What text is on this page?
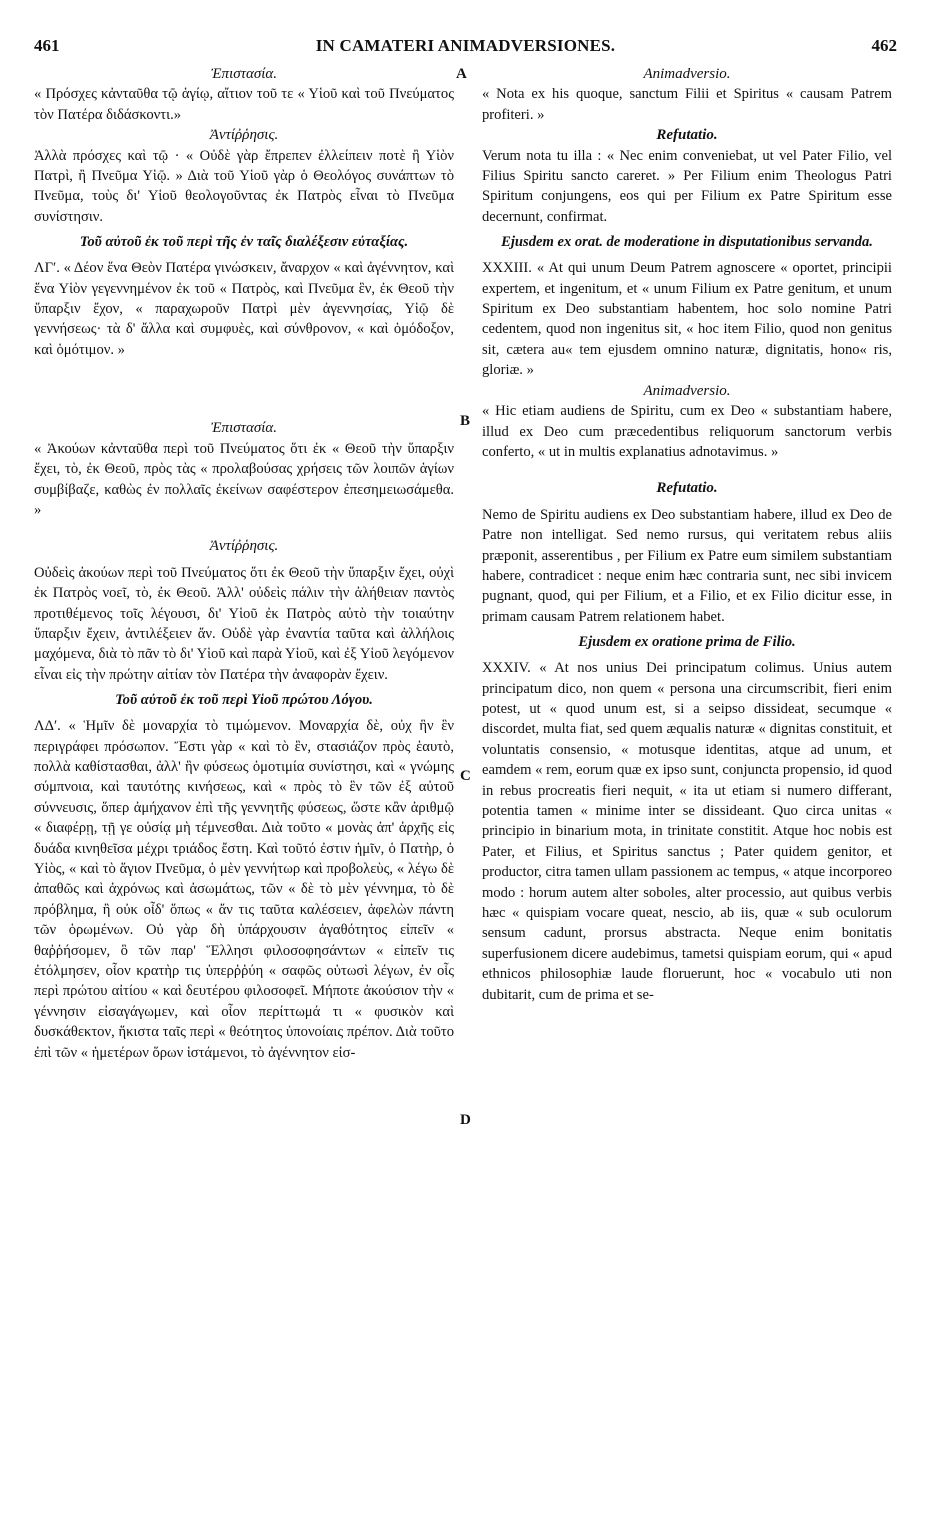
461	IN CAMATERI ANIMADVERSIONES.	462
A
B
C
D

Ἐπιστασία.

« Πρόσχες κἀνταῦθα τῷ ἁγίῳ, αἴτιον τοῦ τε « Υἱοῦ καὶ τοῦ Πνεύματος τὸν Πατέρα διδάσκοντι.»

Ἀντίῤῥησις.

Ἀλλὰ πρόσχες καὶ τῷ · « Οὐδὲ γὰρ ἔπρεπεν ἐλλείπειν ποτὲ ἢ Υἱὸν Πατρὶ, ἢ Πνεῦμα Υἱῷ. » Διὰ τοῦ Υἱοῦ γὰρ ὁ Θεολόγος συνάπτων τὸ Πνεῦμα, τοὺς δι' Υἱοῦ θεολογοῦντας ἐκ Πατρὸς εἶναι τὸ Πνεῦμα συνίστησιν.

Τοῦ αὐτοῦ ἐκ τοῦ περὶ τῆς ἐν ταῖς διαλέξεσιν εὐταξίας.

ΛΓʹ. « Δέον ἕνα Θεὸν Πατέρα γινώσκειν, ἄναρχον « καὶ ἀγέννητον, καὶ ἕνα Υἱὸν γεγεννημένον ἐκ τοῦ « Πατρὸς, καὶ Πνεῦμα ἓν, ἐκ Θεοῦ τὴν ὕπαρξιν ἔχον, « παραχωροῦν Πατρὶ μὲν ἀγεννησίας, Υἱῷ δὲ γεννήσεως· τὰ δ' ἄλλα καὶ συμφυὲς, καὶ σύνθρονον, « καὶ ὁμόδοξον, καὶ ὁμότιμον. »

Ἐπιστασία.

« Ἀκούων κἀνταῦθα περὶ τοῦ Πνεύματος ὅτι ἐκ « Θεοῦ τὴν ὕπαρξιν ἔχει, τὸ, ἐκ Θεοῦ, πρὸς τὰς « προλαβούσας χρήσεις τῶν λοιπῶν ἁγίων συμβίβαζε, καθὼς ἐν πολλαῖς ἐκείνων σαφέστερον ἐπεσημειωσάμεθα. »

Ἀντίῤῥησις.

Οὐδεὶς ἀκούων περὶ τοῦ Πνεύματος ὅτι ἐκ Θεοῦ τὴν ὕπαρξιν ἔχει, οὐχὶ ἐκ Πατρὸς νοεῖ, τὸ, ἐκ Θεοῦ. Ἀλλ' οὐδεὶς πάλιν τὴν ἀλήθειαν παντὸς προτιθέμενος τοῖς λέγουσι, δι' Υἱοῦ ἐκ Πατρὸς αὐτὸ τὴν τοιαύτην ὕπαρξιν ἔχειν, ἀντιλέξειεν ἄν. Οὐδὲ γὰρ ἐναντία ταῦτα καὶ ἀλλήλοις μαχόμενα, διὰ τὸ πᾶν τὸ δι' Υἱοῦ καὶ παρὰ Υἱοῦ, καὶ ἐξ Υἱοῦ λεγόμενον εἶναι εἰς τὴν πρώτην αἰτίαν τὸν Πατέρα τὴν ἀναφορὰν ἔχειν.

Τοῦ αὐτοῦ ἐκ τοῦ περὶ Υἱοῦ πρώτου Λόγου.

ΛΔʹ. « Ἡμῖν δὲ μοναρχία τὸ τιμώμενον. Μοναρχία δὲ, οὐχ ἣν ἓν περιγράφει πρόσωπον. Ἔστι γὰρ « καὶ τὸ ἓν, στασιάζον πρὸς ἑαυτὸ, πολλὰ καθίστασθαι, ἀλλ' ἣν φύσεως ὁμοτιμία συνίστησι, καὶ « γνώμης σύμπνοια, καὶ ταυτότης κινήσεως, καὶ « πρὸς τὸ ἓν τῶν ἐξ αὐτοῦ σύννευσις, ὅπερ ἀμήχανον ἐπὶ τῆς γεννητῆς φύσεως, ὥστε κἂν ἀριθμῷ « διαφέρῃ, τῇ γε οὐσίᾳ μὴ τέμνεσθαι. Διὰ τοῦτο « μονὰς ἀπ' ἀρχῆς εἰς δυάδα κινηθεῖσα μέχρι τριάδος ἔστη. Καὶ τοῦτό ἐστιν ἡμῖν, ὁ Πατὴρ, ὁ Υἱὸς, « καὶ τὸ ἅγιον Πνεῦμα, ὁ μὲν γεννήτωρ καὶ προβολεὺς, « λέγω δὲ ἀπαθῶς καὶ ἀχρόνως καὶ ἀσωμάτως, τῶν « δὲ τὸ μὲν γέννημα, τὸ δὲ πρόβλημα, ἢ οὐκ οἶδ' ὅπως « ἄν τις ταῦτα καλέσειεν, ἀφελὼν πάντη τῶν ὁρωμένων. Οὐ γὰρ δὴ ὑπάρχουσιν ἀγαθότητος εἰπεῖν « θαῤῥήσομεν, ὃ τῶν παρ' Ἕλλησι φιλοσοφησάντων « εἰπεῖν τις ἐτόλμησεν, οἷον κρατὴρ τις ὑπερῤῥύη « σαφῶς οὑτωσὶ λέγων, ἐν οἷς περὶ πρώτου αἰτίου « καὶ δευτέρου φιλοσοφεῖ. Μήποτε ἀκούσιον τὴν « γέννησιν εἰσαγάγωμεν, καὶ οἷον περίττωμά τι « φυσικὸν καὶ δυσκάθεκτον, ἥκιστα ταῖς περὶ « θεότητος ὑπονοίαις πρέπον. Διὰ τοῦτο ἐπὶ τῶν « ἡμετέρων ὅρων ἱστάμενοι, τὸ ἀγέννητον εἰσ-

Animadversio.

« Nota ex his quoque, sanctum Filii et Spiritus « causam Patrem profiteri. »

Refutatio.

Verum nota tu illa : « Nec enim conveniebat, ut vel Pater Filio, vel Filius Spiritu sancto careret. » Per Filium enim Theologus Patri Spiritum conjungens, eos qui per Filium ex Patre Spiritum esse decernunt, confirmat.

Ejusdem ex orat. de moderatione in disputationibus servanda.

XXXIII. « At qui unum Deum Patrem agnoscere « oportet, principii expertem, et ingenitum, et « unum Filium ex Patre genitum, et unum Spiritum ex Deo substantiam habentem, hoc solo nomine Patri cedentem, quod non ingenitus sit, « hoc item Filio, quod non genitus sit, cætera au« tem ejusdem omnino naturæ, dignitatis, hono« ris, gloriæ. »

Animadversio.

« Hic etiam audiens de Spiritu, cum ex Deo « substantiam habere, illud ex Deo cum præcedentibus reliquorum sanctorum verbis conferto, « ut in multis explanatius adnotavimus. »

Refutatio.

Nemo de Spiritu audiens ex Deo substantiam habere, illud ex Deo de Patre non intelligat. Sed nemo rursus, qui veritatem rebus aliis præponit, asserentibus , per Filium ex Patre eum similem substantiam habere, contradicet : neque enim hæc contraria sunt, nec sibi invicem pugnant, quod, qui per Filium, et a Filio, et ex Filio dicitur esse, in primam causam Patrem relationem habet.

Ejusdem ex oratione prima de Filio.

XXXIV. « At nos unius Dei principatum colimus. Unius autem principatum dico, non quem « persona una circumscribit, fieri enim potest, ut « quod unum est, si a seipso dissideat, secumque « discordet, multa fiat, sed quem æqualis naturæ « dignitas constituit, et voluntatis consensio, « motusque identitas, atque ad unum, et eamdem « rem, eorum quæ ex ipso sunt, conjuncta propensio, id quod in rebus procreatis fieri nequit, « ita ut etiam si numero differant, potentia tamen « minime inter se dissideant. Quo circa unitas « principio in binarium mota, in trinitate constitit. Atque hoc nobis est Pater, et Filius, et Spiritus sanctus ; Pater quidem genitor, et productor, citra tamen ullam passionem ac tempus, « atque incorporeo modo : horum autem alter soboles, alter processio, aut quibus verbis hæc « quispiam vocare queat, nescio, ab iis, quæ « sub oculorum sensum cadunt, prorsus abstracta. Neque enim bonitatis superfusionem dicere audebimus, tametsi quispiam eorum, qui « apud ethnicos philosophiæ laude floruerunt, hoc « vocabulo uti non dubitarit, cum de prima et se-
